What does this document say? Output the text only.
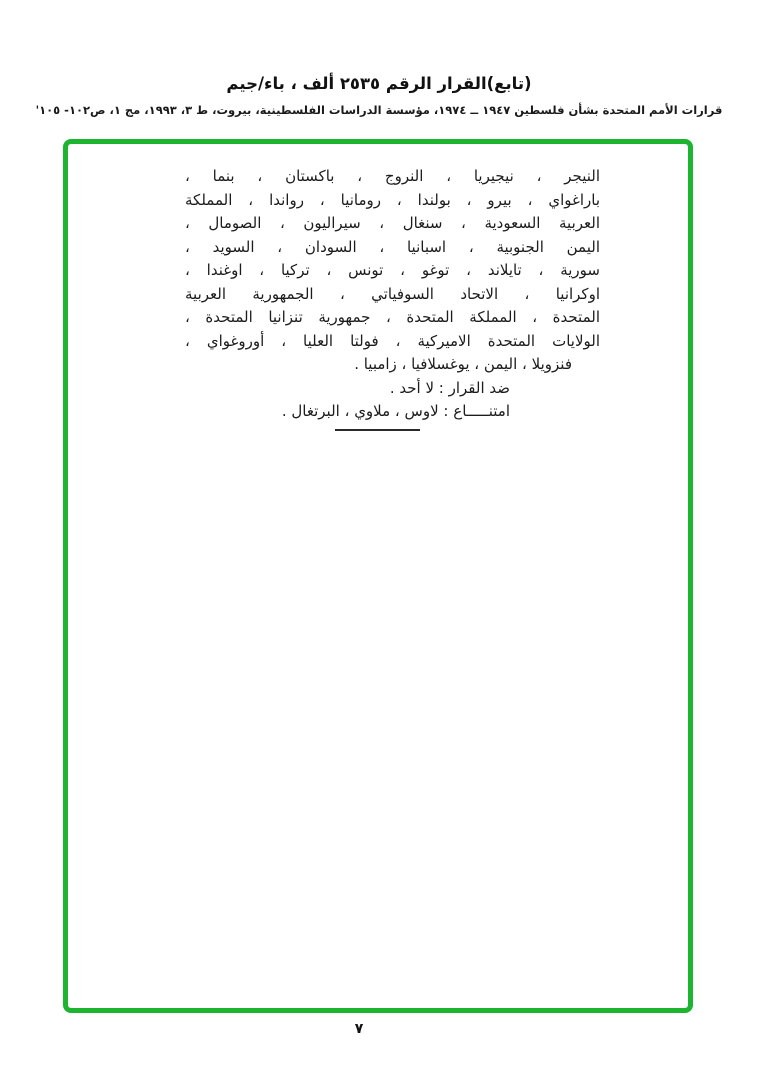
(تابع)القرار الرقم ٢٥٣٥ ألف ، باء/جيم
قرارات الأمم المتحدة بشأن فلسطين ١٩٤٧ ــ ١٩٧٤، مؤسسة الدراسات الفلسطينية، بيروت، ط ٣، ١٩٩٣، مج ١، ص١٠٢- ١٠٥'
النيجر ، نيجيريا ، النروج ، باكستان ، بنما ،
باراغواي ، بيرو ، بولندا ، رومانيا ، رواندا ، المملكة
العربية السعودية ، سنغال ، سيراليون ، الصومال ،
اليمن الجنوبية ، اسبانيا ، السودان ، السويد ،
سورية ، تايلاند ، توغو ، تونس ، تركيا ، اوغندا ،
اوكرانيا ، الاتحاد السوفياتي ، الجمهورية العربية
المتحدة ، المملكة المتحدة ، جمهورية تنزانيا المتحدة ،
الولايات المتحدة الاميركية ، فولتا العليا ، أوروغواي ،
فنزويلا ، اليمن ، يوغسلافيا ، زامبيا .
ضد القرار : لا أحد .
امتنـــــاع : لاوس ، ملاوي ، البرتغال .
٧
